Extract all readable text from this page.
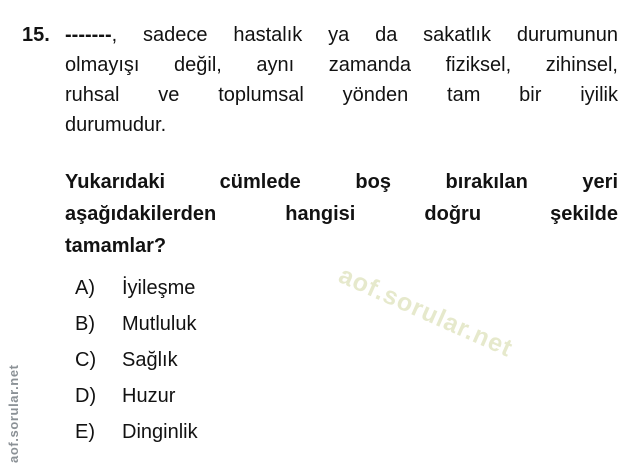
aof.sorular.net
aof.sorular.net
15. -------, sadece hastalık ya da sakatlık durumunun
olmayışı değil, aynı zamanda fiziksel, zihinsel,
ruhsal ve toplumsal yönden tam bir iyilik
durumudur.
Yukarıdaki cümlede boş bırakılan yeri
aşağıdakilerden hangisi doğru şekilde
tamamlar?
A)	İyileşme
B)	Mutluluk
C)	Sağlık
D)	Huzur
E)	Dinginlik
